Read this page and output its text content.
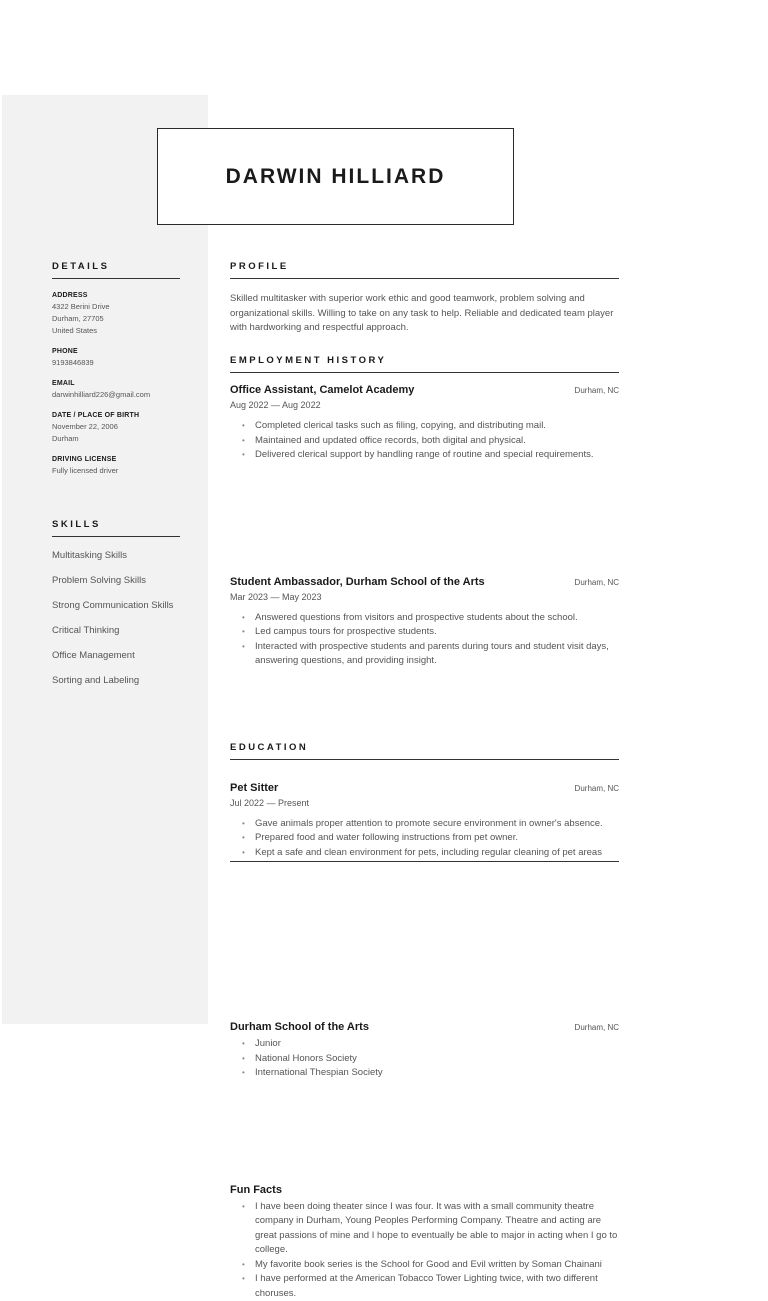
DARWIN HILLIARD
DETAILS
ADDRESS
4322 Berini Drive
Durham, 27705
United States
PHONE
9193846839
EMAIL
darwinhilliard226@gmail.com
DATE / PLACE OF BIRTH
November 22, 2006
Durham
DRIVING LICENSE
Fully licensed driver
SKILLS
Multitasking Skills
Problem Solving Skills
Strong Communication Skills
Critical Thinking
Office Management
Sorting and Labeling
PROFILE
Skilled multitasker with superior work ethic and good teamwork, problem solving and organizational skills. Willing to take on any task to help. Reliable and dedicated team player with hardworking and respectful approach.
EMPLOYMENT HISTORY
Office Assistant, Camelot Academy	Durham, NC
Aug 2022 — Aug 2022
• Completed clerical tasks such as filing, copying, and distributing mail.
• Maintained and updated office records, both digital and physical.
• Delivered clerical support by handling range of routine and special requirements.
Student Ambassador, Durham School of the Arts	Durham, NC
Mar 2023 — May 2023
• Answered questions from visitors and prospective students about the school.
• Led campus tours for prospective students.
• Interacted with prospective students and parents during tours and student visit days, answering questions, and providing insight.
Pet Sitter	Durham, NC
Jul 2022 — Present
• Gave animals proper attention to promote secure environment in owner's absence.
• Prepared food and water following instructions from pet owner.
• Kept a safe and clean environment for pets, including regular cleaning of pet areas
EDUCATION
Durham School of the Arts	Durham, NC
• Junior
• National Honors Society
• International Thespian Society
Fun Facts
• I have been doing theater since I was four. It was with a small community theatre company in Durham, Young Peoples Performing Company. Theatre and acting are great passions of mine and I hope to eventually be able to major in acting when I go to college.
• My favorite book series is the School for Good and Evil written by Soman Chainani
• I have performed at the American Tobacco Tower Lighting twice, with two different choruses.
